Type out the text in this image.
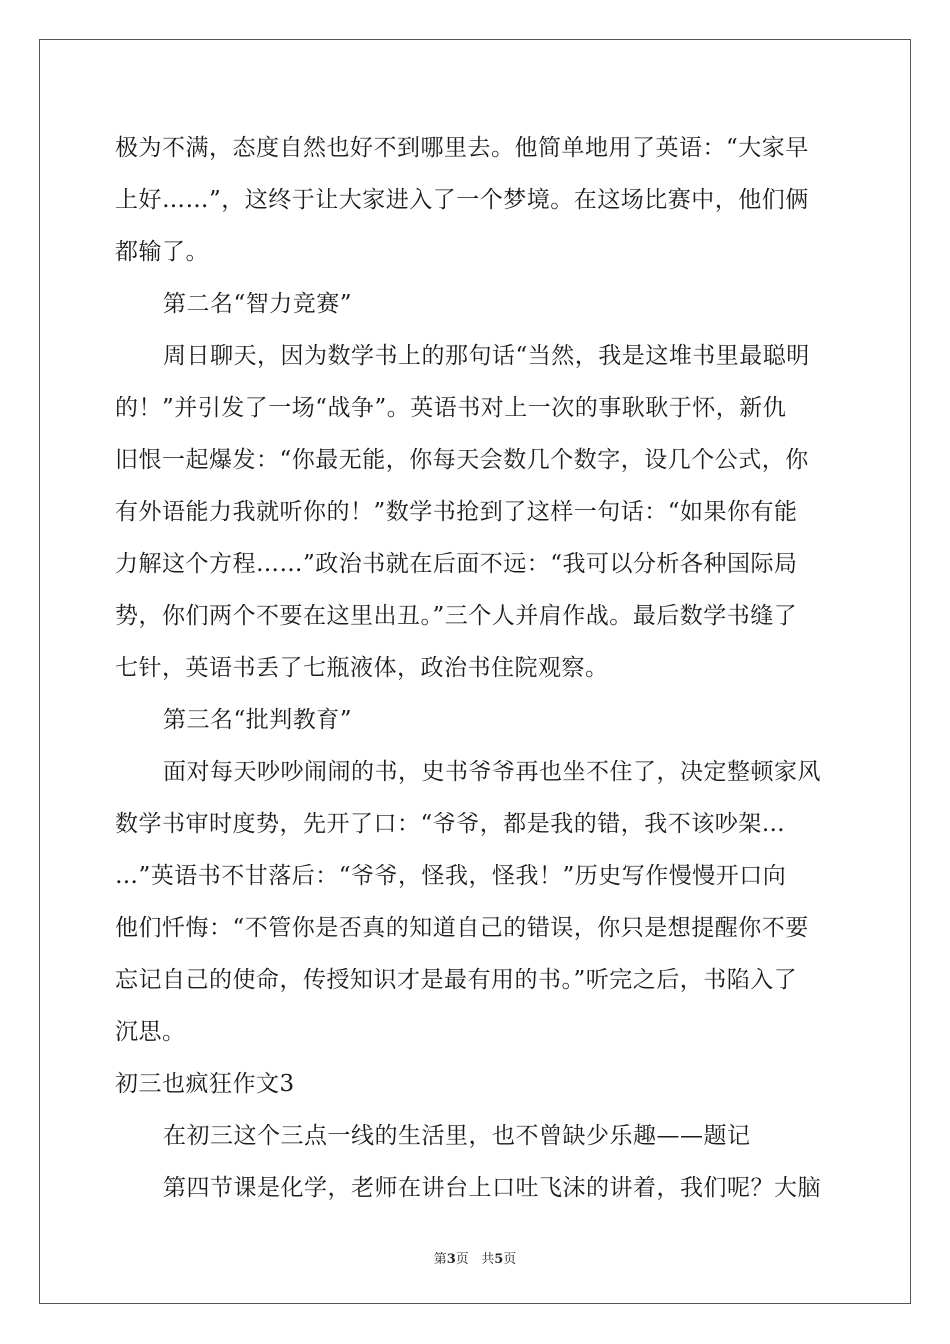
极为不满，态度自然也好不到哪里去。他简单地用了英语：“大家早
上好……”，这终于让大家进入了一个梦境。在这场比赛中，他们俩
都输了。
第二名“智力竞赛”
周日聊天，因为数学书上的那句话“当然，我是这堆书里最聪明
的！”并引发了一场“战争”。英语书对上一次的事耿耿于怀，新仇
旧恨一起爆发：“你最无能，你每天会数几个数字，设几个公式，你
有外语能力我就听你的！”数学书抢到了这样一句话：“如果你有能
力解这个方程……”政治书就在后面不远：“我可以分析各种国际局
势，你们两个不要在这里出丑。”三个人并肩作战。最后数学书缝了
七针，英语书丢了七瓶液体，政治书住院观察。
第三名“批判教育”
面对每天吵吵闹闹的书，史书爷爷再也坐不住了，决定整顿家风
数学书审时度势，先开了口：“爷爷，都是我的错，我不该吵架…
…”英语书不甘落后：“爷爷，怪我，怪我！”历史写作慢慢开口向
他们忏悔：“不管你是否真的知道自己的错误，你只是想提醒你不要
忘记自己的使命，传授知识才是最有用的书。”听完之后，书陷入了
沉思。
初三也疯狂作文3
在初三这个三点一线的生活里，也不曾缺少乐趣——题记
第四节课是化学，老师在讲台上口吐飞沫的讲着，我们呢？大脑
第3页 共5页
